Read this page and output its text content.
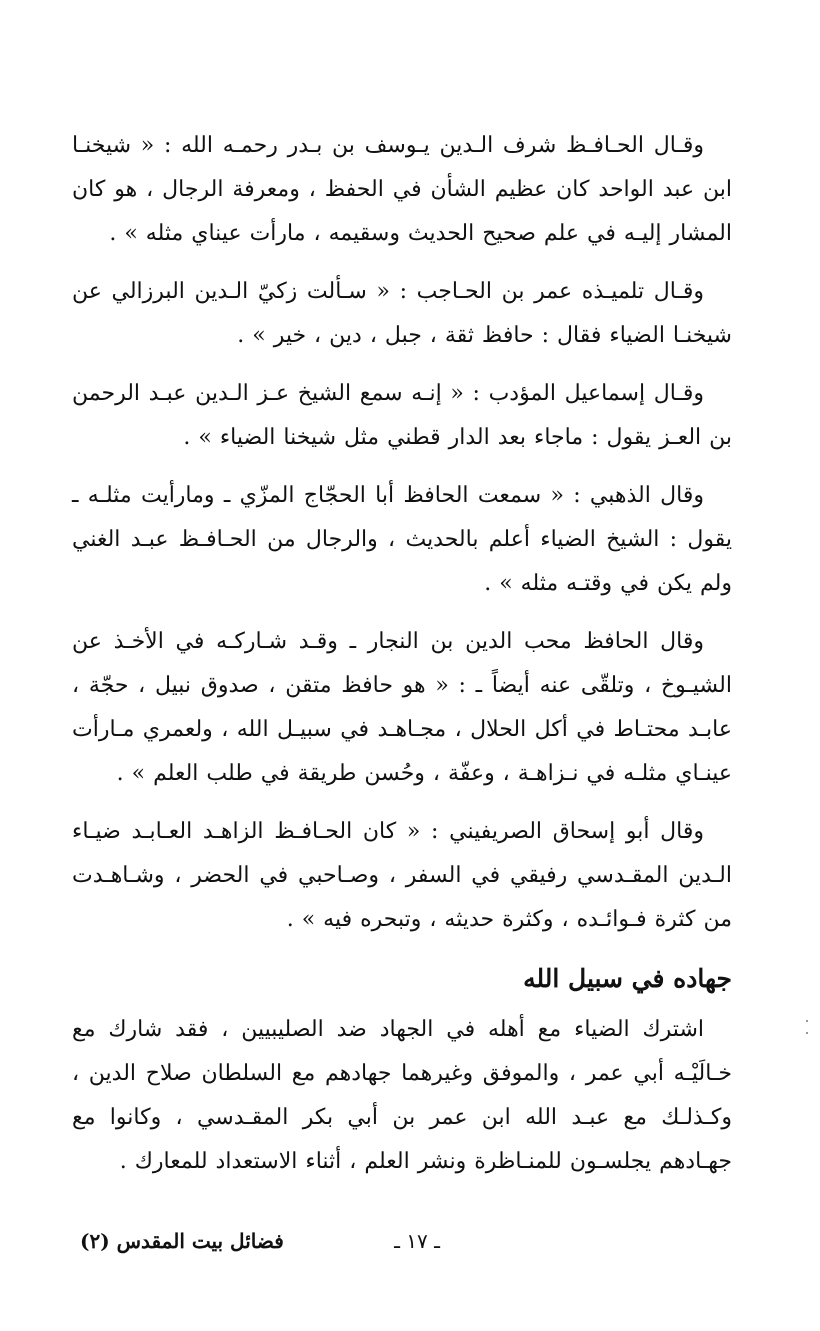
وقـال الحـافـظ شرف الـدين يـوسف بن بـدر رحمـه الله : « شيخنـا ابن عبد الواحد كان عظيم الشأن في الحفظ ، ومعرفة الرجال ، هو كان المشار إليـه في علم صحيح الحديث وسقيمه ، مارأت عيناي مثله » .

وقـال تلميـذه عمر بن الحـاجب : « سـألت زكيّ الـدين البرزالي عن شيخنـا الضياء فقال : حافظ ثقة ، جبل ، دين ، خير » .

وقـال إسماعيل المؤدب : « إنـه سمع الشيخ عـز الـدين عبـد الرحمن بن العـز يقول : ماجاء بعد الدار قطني مثل شيخنا الضياء » .

وقال الذهبي : « سمعت الحافظ أبا الحجّاج المزّي ـ ومارأيت مثلـه ـ يقول : الشيخ الضياء أعلم بالحديث ، والرجال من الحـافـظ عبـد الغني ولم يكن في وقتـه مثله » .

وقال الحافظ محب الدين بن النجار ـ وقـد شـاركـه في الأخـذ عن الشيـوخ ، وتلقّى عنه أيضاً ـ : « هو حافظ متقن ، صدوق نبيل ، حجّة ، عابـد محتـاط في أكل الحلال ، مجـاهـد في سبيـل الله ، ولعمري مـارأت عينـاي مثلـه في نـزاهـة ، وعفّة ، وحُسن طريقة في طلب العلم » .

وقال أبو إسحاق الصريفيني : « كان الحـافـظ الزاهـد العـابـد ضيـاء الـدين المقـدسي رفيقي في السفر ، وصـاحبي في الحضر ، وشـاهـدت من كثرة فـوائـده ، وكثرة حديثه ، وتبحره فيه » .

جهاده في سبيل الله

اشترك الضياء مع أهله في الجهاد ضد الصليبيين ، فقد شارك مع خـالَيْـه أبي عمر ، والموفق وغيرهما جهادهم مع السلطان صلاح الدين ، وكـذلـك مع عبـد الله ابن عمر بن أبي بكر المقـدسي ، وكانوا مع جهـادهم يجلسـون للمنـاظرة ونشر العلم ، أثناء الاستعداد للمعارك .

ـ ١٧ ـ
فضائل بيت المقدس (٢)
